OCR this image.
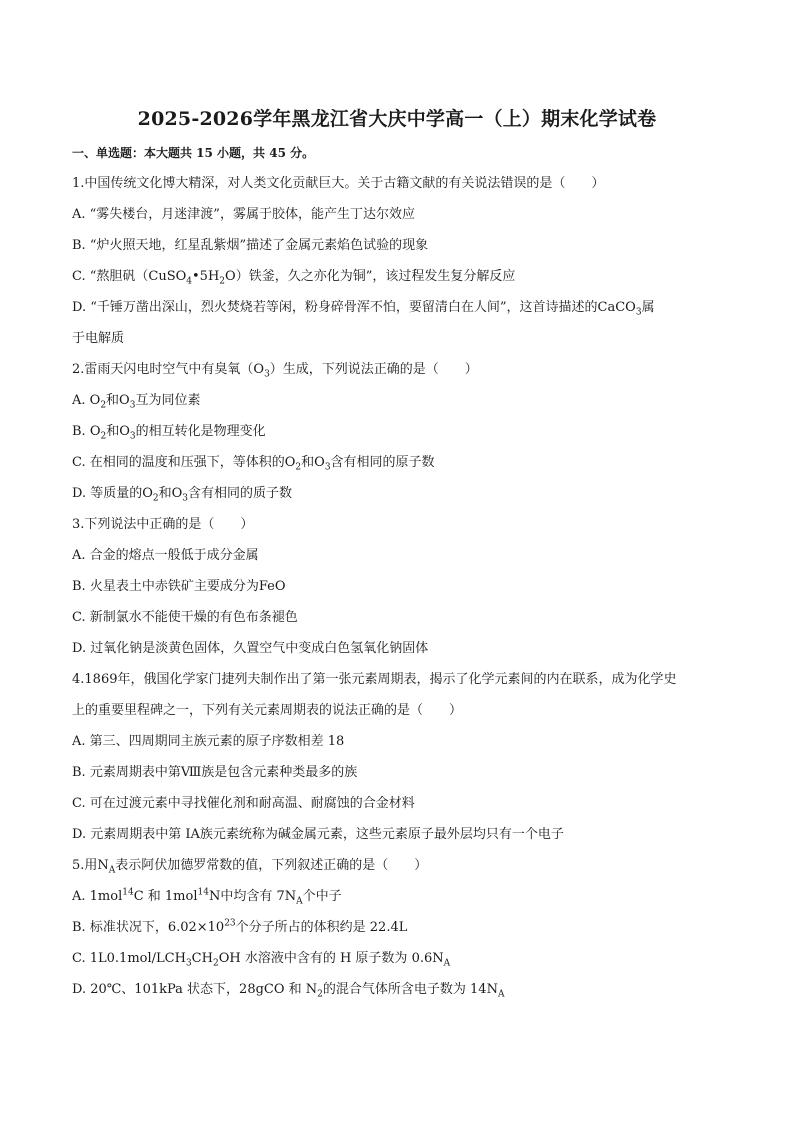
2025-2026学年黑龙江省大庆中学高一（上）期末化学试卷
一、单选题：本大题共 15 小题，共 45 分。
1.中国传统文化博大精深，对人类文化贡献巨大。关于古籍文献的有关说法错误的是（　　）
A. “雾失楼台，月迷津渡”，雾属于胶体，能产生丁达尔效应
B. “炉火照天地，红星乱紫烟”描述了金属元素焰色试验的现象
C. “熬胆矾$(CuSO_4•5H_2O)$铁釜，久之亦化为铜”，该过程发生复分解反应
D. “千锤万凿出深山，烈火焚烧若等闲，粉身碎骨浑不怕，要留清白在人间”，这首诗描述的CaCO$_3$属
于电解质
2.雷雨天闪电时空气中有臭氧$(O_3)$生成，下列说法正确的是（　　）
A. $O_2$和$O_3$互为同位素
B. $O_2$和$O_3$的相互转化是物理变化
C. 在相同的温度和压强下，等体积的$O_2$和$O_3$含有相同的原子数
D. 等质量的$O_2$和$O_3$含有相同的质子数
3.下列说法中正确的是（　　）
A. 合金的熔点一般低于成分金属
B. 火星表土中赤铁矿主要成分为FeO
C. 新制氯水不能使干燥的有色布条褪色
D. 过氧化钠是淡黄色固体，久置空气中变成白色氢氧化钠固体
4.1869年，俄国化学家门捷列夫制作出了第一张元素周期表，揭示了化学元素间的内在联系，成为化学史
上的重要里程碑之一，下列有关元素周期表的说法正确的是（　　）
A. 第三、四周期同主族元素的原子序数相差 18
B. 元素周期表中第Ⅷ族是包含元素种类最多的族
C. 可在过渡元素中寻找催化剂和耐高温、耐腐蚀的合金材料
D. 元素周期表中第 IA族元素统称为碱金属元素，这些元素原子最外层均只有一个电子
5.用$N_A$表示阿伏加德罗常数的值，下列叙述正确的是（　　）
A. 1mol$^{14}$C 和 1mol$^{14}$N中均含有 $7N_A$个中子
B. 标准状况下，$6.02\times 10^{23}$个分子所占的体积约是 22.4L
C. $1L0.1mol/LCH_3CH_2OH$ 水溶液中含有的 H 原子数为 $0.6N_A$
D. 20℃、101kPa 状态下，28gCO 和 $N_2$的混合气体所含电子数为 $14N_A$
